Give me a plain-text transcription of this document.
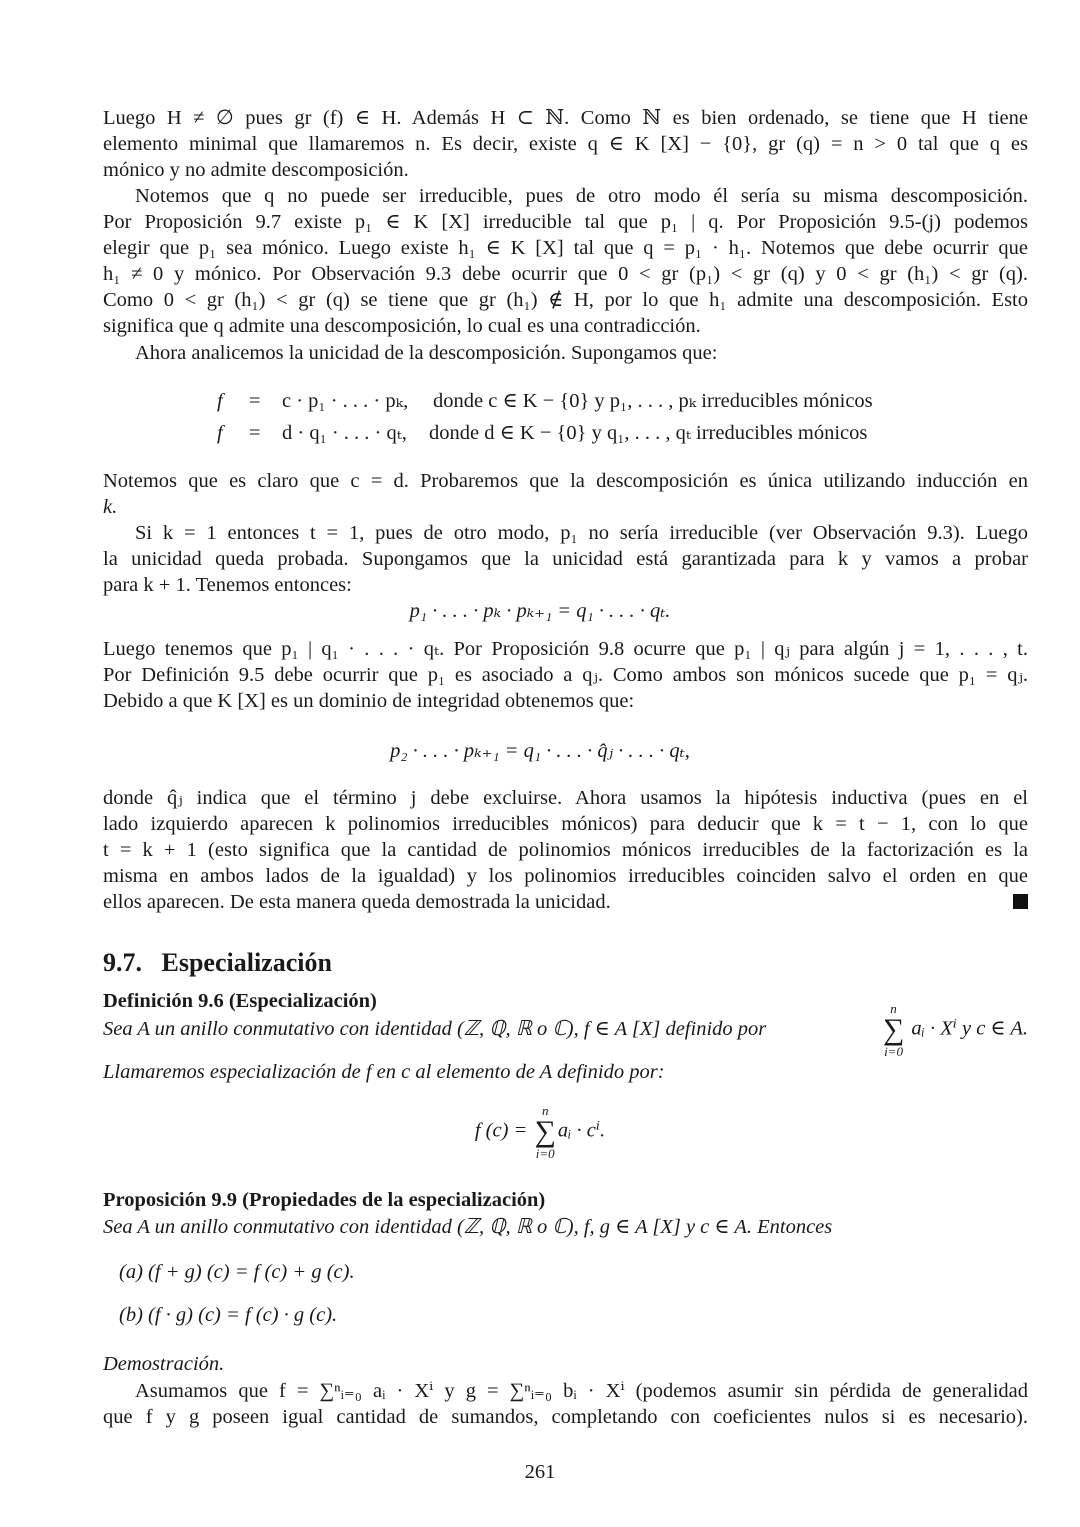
Luego H ≠ ∅ pues gr (f) ∈ H. Además H ⊂ ℕ. Como ℕ es bien ordenado, se tiene que H tiene
elemento minimal que llamaremos n. Es decir, existe q ∈ K [X] − {0}, gr (q) = n > 0 tal que q es
mónico y no admite descomposición.
Notemos que q no puede ser irreducible, pues de otro modo él sería su misma descomposición.
Por Proposición 9.7 existe p₁ ∈ K [X] irreducible tal que p₁ | q. Por Proposición 9.5-(j) podemos
elegir que p₁ sea mónico. Luego existe h₁ ∈ K [X] tal que q = p₁ · h₁. Notemos que debe ocurrir que
h₁ ≠ 0 y mónico. Por Observación 9.3 debe ocurrir que 0 < gr (p₁) < gr (q) y 0 < gr (h₁) < gr (q).
Como 0 < gr (h₁) < gr (q) se tiene que gr (h₁) ∉ H, por lo que h₁ admite una descomposición. Esto
significa que q admite una descomposición, lo cual es una contradicción.
Ahora analicemos la unicidad de la descomposición. Supongamos que:
f	=	c · p₁ · . . . · pₖ,	donde c ∈ K − {0} y p₁, . . . , pₖ irreducibles mónicos
f	=	d · q₁ · . . . · qₜ,	donde d ∈ K − {0} y q₁, . . . , qₜ irreducibles mónicos
Notemos que es claro que c = d. Probaremos que la descomposición es única utilizando inducción en
k.
Si k = 1 entonces t = 1, pues de otro modo, p₁ no sería irreducible (ver Observación 9.3). Luego
la unicidad queda probada. Supongamos que la unicidad está garantizada para k y vamos a probar
para k + 1. Tenemos entonces:
p₁ · . . . · pₖ · pₖ₊₁ = q₁ · . . . · qₜ.
Luego tenemos que p₁ | q₁ · . . . · qₜ. Por Proposición 9.8 ocurre que p₁ | qⱼ para algún j = 1, . . . , t.
Por Definición 9.5 debe ocurrir que p₁ es asociado a qⱼ. Como ambos son mónicos sucede que p₁ = qⱼ.
Debido a que K [X] es un dominio de integridad obtenemos que:
p₂ · . . . · pₖ₊₁ = q₁ · . . . · q̂ⱼ · . . . · qₜ,
donde q̂ⱼ indica que el término j debe excluirse. Ahora usamos la hipótesis inductiva (pues en el
lado izquierdo aparecen k polinomios irreducibles mónicos) para deducir que k = t − 1, con lo que
t = k + 1 (esto significa que la cantidad de polinomios mónicos irreducibles de la factorización es la
misma en ambos lados de la igualdad) y los polinomios irreducibles coinciden salvo el orden en que
ellos aparecen. De esta manera queda demostrada la unicidad.
9.7. Especialización
Definición 9.6 (Especialización)
Sea A un anillo conmutativo con identidad (ℤ, ℚ, ℝ o ℂ), f ∈ A [X] definido por
n
∑
i=0
aᵢ · Xⁱ y c ∈ A.
Llamaremos especialización de f en c al elemento de A definido por:
f (c) =
n
∑
i=0
aᵢ · cⁱ.
Proposición 9.9 (Propiedades de la especialización)
Sea A un anillo conmutativo con identidad (ℤ, ℚ, ℝ o ℂ), f, g ∈ A [X] y c ∈ A. Entonces
(a) (f + g) (c) = f (c) + g (c).
(b) (f · g) (c) = f (c) · g (c).
Demostración.
Asumamos que f = ∑ⁿᵢ₌₀ aᵢ · Xⁱ y g = ∑ⁿᵢ₌₀ bᵢ · Xⁱ (podemos asumir sin pérdida de generalidad
que f y g poseen igual cantidad de sumandos, completando con coeficientes nulos si es necesario).
261
